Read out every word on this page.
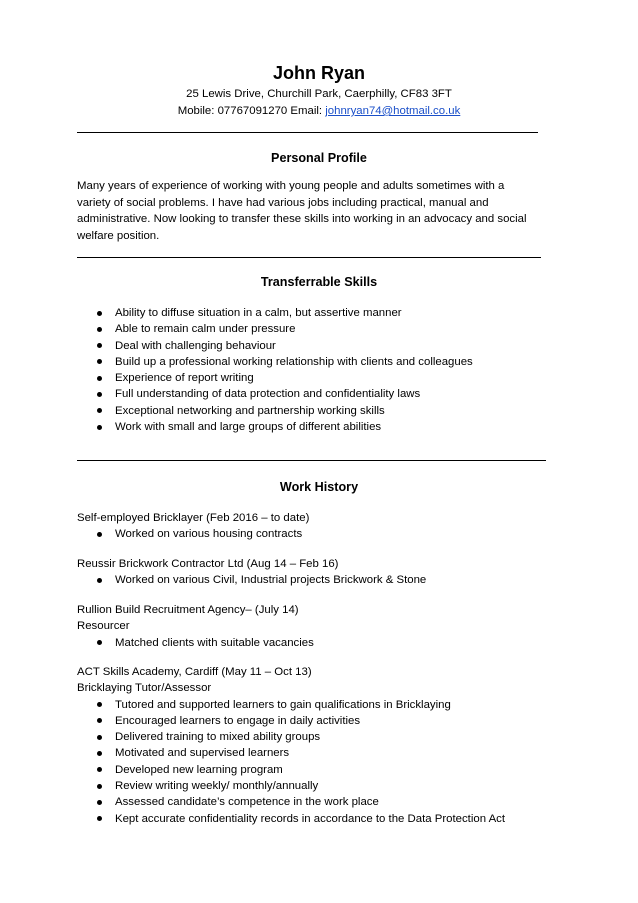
John Ryan
25 Lewis Drive, Churchill Park, Caerphilly, CF83 3FT
Mobile: 07767091270 Email: johnryan74@hotmail.co.uk
Personal Profile

Many years of experience of working with young people and adults sometimes with a

variety of social problems. I have had various jobs including practical, manual and

administrative. Now looking to transfer these skills into working in an advocacy and social

welfare position.

Transferrable Skills
Ability to diffuse situation in a calm, but assertive manner
Able to remain calm under pressure
Deal with challenging behaviour
Build up a professional working relationship with clients and colleagues
Experience of report writing
Full understanding of data protection and confidentiality laws
Exceptional networking and partnership working skills
Work with small and large groups of different abilities
Work History
Self-employed Bricklayer (Feb 2016 – to date)
Worked on various housing contracts
Reussir Brickwork Contractor Ltd (Aug 14 – Feb 16)
Worked on various Civil, Industrial projects Brickwork & Stone
Rullion Build Recruitment Agency– (July 14)
Resourcer
Matched clients with suitable vacancies
ACT Skills Academy, Cardiff (May 11 – Oct 13)
Bricklaying Tutor/Assessor
Tutored and supported learners to gain qualifications in Bricklaying
Encouraged learners to engage in daily activities
Delivered training to mixed ability groups
Motivated and supervised learners
Developed new learning program
Review writing weekly/ monthly/annually
Assessed candidate’s competence in the work place
Kept accurate confidentiality records in accordance to the Data Protection Act
